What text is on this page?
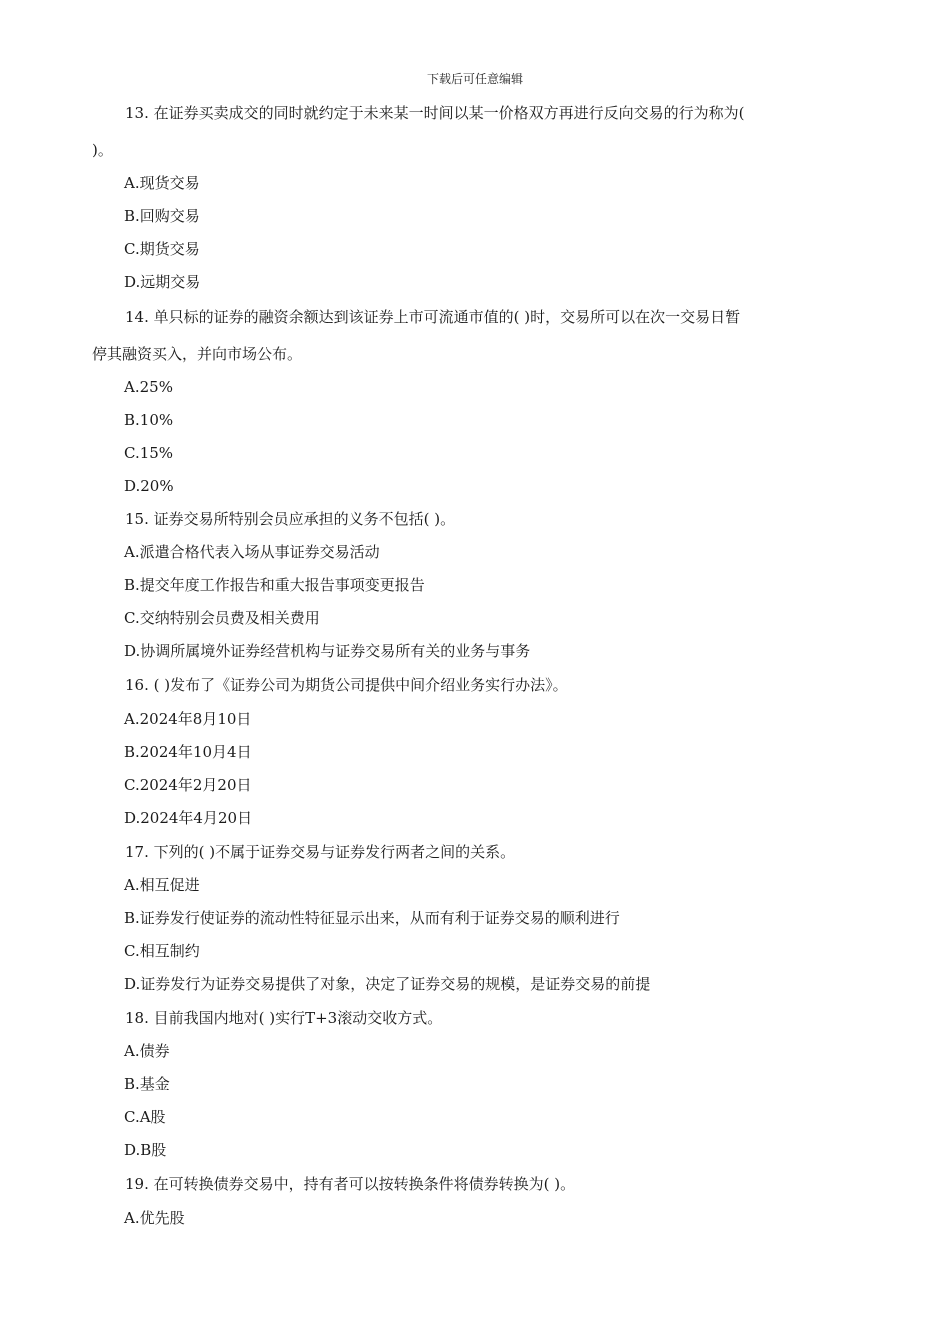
下载后可任意编辑
13. 在证券买卖成交的同时就约定于未来某一时间以某一价格双方再进行反向交易的行为称为(
)。
A.现货交易
B.回购交易
C.期货交易
D.远期交易
14. 单只标的证券的融资余额达到该证券上市可流通市值的( )时，交易所可以在次一交易日暂
停其融资买入，并向市场公布。
A.25%
B.10%
C.15%
D.20%
15. 证券交易所特别会员应承担的义务不包括( )。
A.派遣合格代表入场从事证券交易活动
B.提交年度工作报告和重大报告事项变更报告
C.交纳特别会员费及相关费用
D.协调所属境外证券经营机构与证券交易所有关的业务与事务
16. ( )发布了《证券公司为期货公司提供中间介绍业务实行办法》。
A.2024年8月10日
B.2024年10月4日
C.2024年2月20日
D.2024年4月20日
17. 下列的( )不属于证券交易与证券发行两者之间的关系。
A.相互促进
B.证券发行使证券的流动性特征显示出来，从而有利于证券交易的顺利进行
C.相互制约
D.证券发行为证券交易提供了对象，决定了证券交易的规模，是证券交易的前提
18. 目前我国内地对( )实行T+3滚动交收方式。
A.债券
B.基金
C.A股
D.B股
19. 在可转换债券交易中，持有者可以按转换条件将债券转换为( )。
A.优先股
